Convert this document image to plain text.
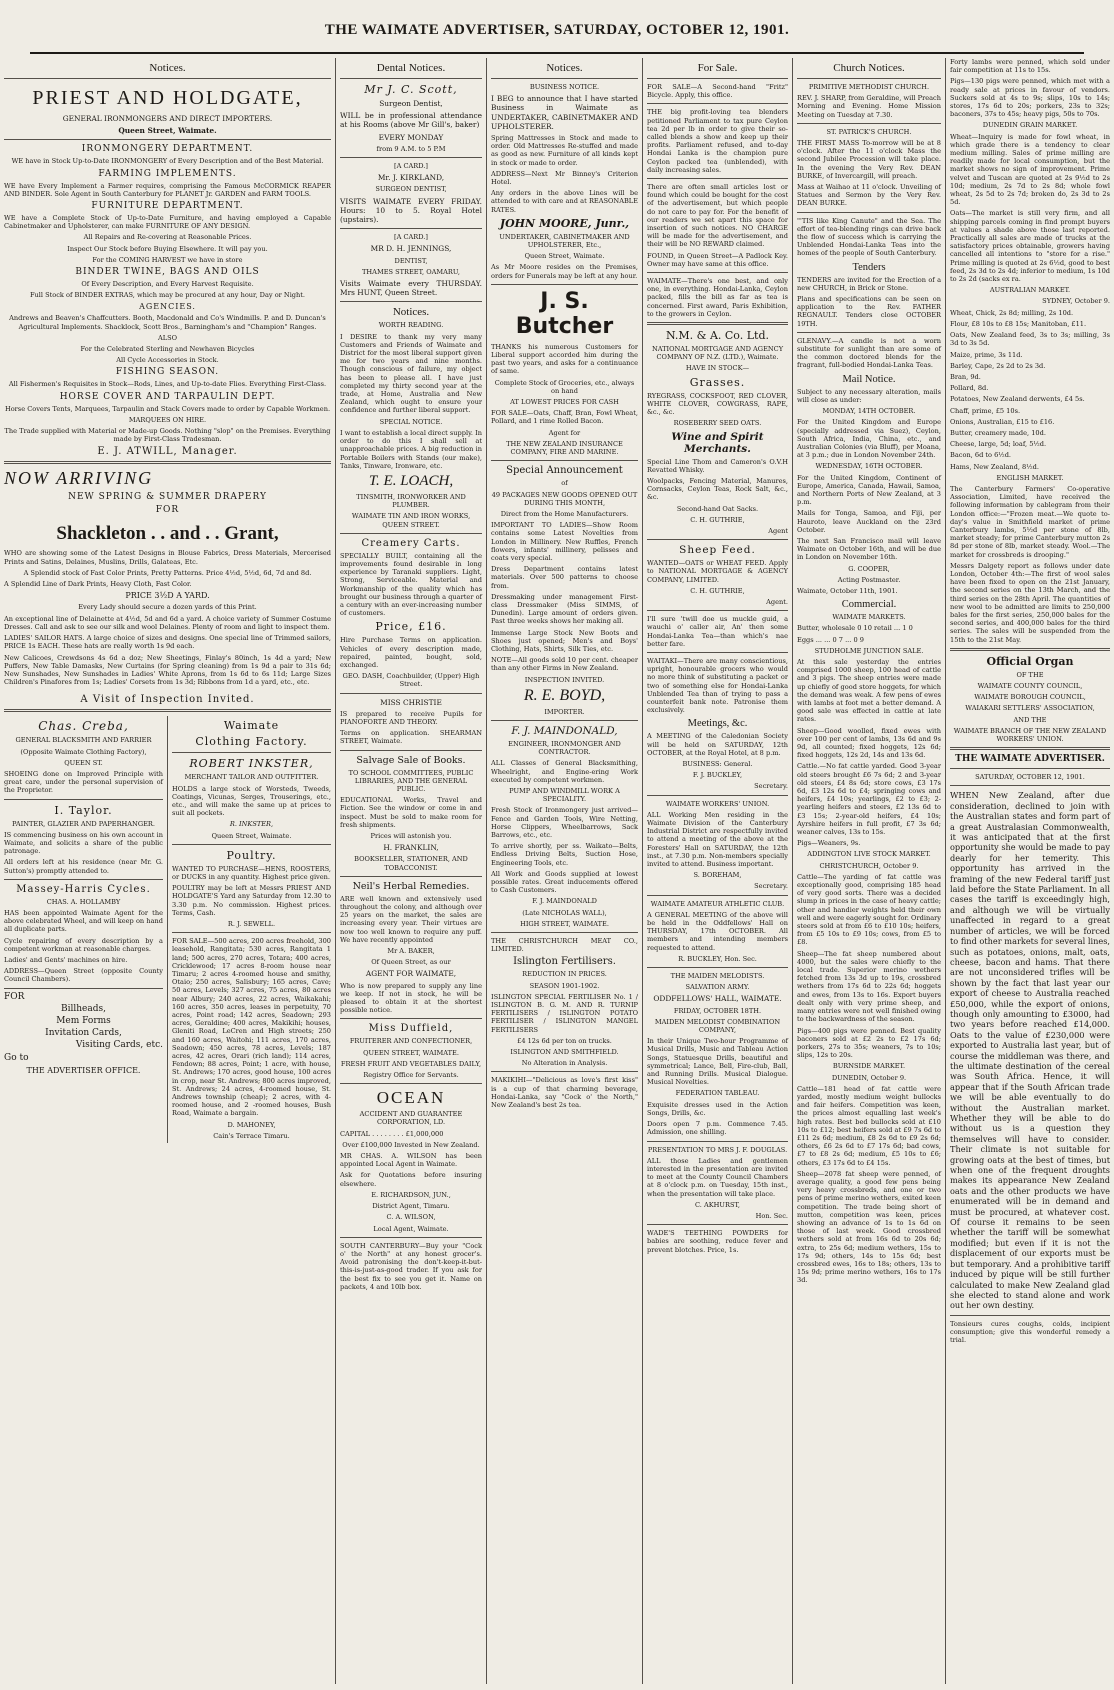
THE WAIMATE ADVERTISER, SATURDAY, OCTOBER 12, 1901.
Notices.
PRIEST AND HOLDGATE,

GENERAL IRONMONGERS AND DIRECT IMPORTERS.

Queen Street, Waimate.

IRONMONGERY DEPARTMENT.

WE have in Stock Up-to-Date IRONMONGERY of Every Description and of the Best Material.

FARMING IMPLEMENTS.

WE have Every Implement a Farmer requires, comprising the Famous McCORMICK REAPER AND BINDER. Sole Agent in South Canterbury for PLANET Jr. GARDEN and FARM TOOLS.

FURNITURE DEPARTMENT.

WE have a Complete Stock of Up-to-Date Furniture, and having employed a Capable Cabinetmaker and Upholsterer, can make FURNITURE OF ANY DESIGN.

All Repairs and Re-covering at Reasonable Prices.

Inspect Our Stock before Buying Elsewhere. It will pay you.

For the COMING HARVEST we have in store

BINDER TWINE, BAGS AND OILS

Of Every Description, and Every Harvest Requisite.

Full Stock of BINDER EXTRAS, which may be procured at any hour, Day or Night.

AGENCIES.

Andrews and Beaven's Chaffcutters. Booth, Macdonald and Co's Windmills. P. and D. Duncan's Agricultural Implements. Shacklock, Scott Bros., Barningham's and "Champion" Ranges.

ALSO

For the Celebrated Sterling and Newhaven Bicycles

All Cycle Accessories in Stock.

FISHING SEASON.

All Fishermen's Requisites in Stock—Rods, Lines, and Up-to-date Flies. Everything First-Class.

HORSE COVER AND TARPAULIN DEPT.

Horse Covers Tents, Marquees, Tarpaulin and Stack Covers made to order by Capable Workmen.

MARQUEES ON HIRE.

The Trade supplied with Material or Made-up Goods. Nothing "slop" on the Premises. Everything made by First-Class Tradesman.

E. J. ATWILL, Manager.
NOW ARRIVING
NEW SPRING & SUMMER DRAPERY
FOR
Shackleton . . and . . Grant,

WHO are showing some of the Latest Designs in Blouse Fabrics, Dress Materials, Mercerised Prints and Satins, Delaines, Muslins, Drills, Galateas, Etc.

A Splendid stock of Fast Color Prints, Pretty Patterns. Price 4½d, 5½d, 6d, 7d and 8d.

A Splendid Line of Dark Prints, Heavy Cloth, Fast Color.

PRICE 3½D A YARD.

Every Lady should secure a dozen yards of this Print.

An exceptional line of Delainette at 4½d, 5d and 6d a yard. A choice variety of Summer Costume Dresses. Call and ask to see our silk and wool Delaines. Plenty of room and light to inspect them.

LADIES' SAILOR HATS. A large choice of sizes and designs. One special line of Trimmed sailors, PRICE 1s EACH. These hats are really worth 1s 9d each.

New Calicoes, Crewdsons 4s 6d a doz; New Sheetings, Finlay's 80inch, 1s 4d a yard; New Puffers, New Table Damasks, New Curtains (for Spring cleaning) from 1s 9d a pair to 31s 6d; New Sunshades, New Sunshades in Ladies' White Aprons, from 1s 6d to 6s 11d; Large Sizes Children's Pinafores from 1s; Ladies' Corsets from 1s 3d; Ribbons from 1d a yard, etc., etc.

A Visit of Inspection Invited.
Chas. Creba,

GENERAL BLACKSMITH AND FARRIER

(Opposite Waimate Clothing Factory),

QUEEN ST.

SHOEING done on Improved Principle with great care, under the personal supervision of the Proprietor.

I. Taylor.

PAINTER, GLAZIER AND PAPERHANGER.

IS commencing business on his own account in Waimate, and solicits a share of the public patronage.

All orders left at his residence (near Mr. G. Sutton's) promptly attended to.

Massey-Harris Cycles.

CHAS. A. HOLLAMBY

HAS been appointed Waimate Agent for the above celebrated Wheel, and will keep on hand all duplicate parts.

Cycle repairing of every description by a competent workman at reasonable charges.

Ladies' and Gents' machines on hire.

ADDRESS—Queen Street (opposite County Council Chambers).

FOR

Billheads,

Mem Forms

Invitation Cards,

Visiting Cards, etc.

Go to

THE ADVERTISER OFFICE.

Waimate
Clothing Factory.
ROBERT INKSTER,

MERCHANT TAILOR AND OUTFITTER.

HOLDS a large stock of Worsteds, Tweeds, Coatings, Vicunas, Serges, Trouserings, etc., etc., and will make the same up at prices to suit all pockets.

R. INKSTER,

Queen Street, Waimate.

Poultry.

WANTED TO PURCHASE—HENS, ROOSTERS, or DUCKS in any quantity. Highest price given.

POULTRY may be left at Messrs PRIEST AND HOLDGATE'S Yard any Saturday from 12.30 to 3.30 p.m. No commission. Highest prices. Terms, Cash.

R. J. SEWELL.

FOR SALE—500 acres, 200 acres freehold, 300 leasehold, Rangitata; 530 acres, Rangitata 1 land; 500 acres, 270 acres, Totara; 400 acres, Cricklewood; 17 acres 8-room house near Timaru; 2 acres 4-roomed house and smithy, Otaio; 250 acres, Salisbury; 165 acres, Cave; 50 acres, Levels; 327 acres, 75 acres, 80 acres near Albury; 240 acres, 22 acres, Waikakahi; 160 acres, 350 acres, leases in perpetuity, 70 acres, Point road; 142 acres, Seadown; 293 acres, Geraldine; 400 acres, Makikihi; houses, Gleniti Road, LeCren and High streets; 250 and 160 acres, Waitohi; 111 acres, 170 acres, Seadown; 450 acres, 78 acres, Levels; 187 acres, 42 acres, Orari (rich land); 114 acres, Fendown; 88 acres, Point; 1 acre, with house, St. Andrews; 170 acres, good house, 100 acres in crop, near St. Andrews; 800 acres improved, St. Andrews; 24 acres, 4-roomed house, St. Andrews township (cheap); 2 acres, with 4-roomed house, and 2 -roomed houses, Bush Road, Waimate a bargain.

D. MAHONEY,

Cain's Terrace Timaru.

Dental Notices.
Mr J. C. Scott,

Surgeon Dentist,

WILL be in professional attendance at his Rooms (above Mr Gill's, baker)

EVERY MONDAY

from 9 A.M. to 5 P.M

[A CARD.]

Mr. J. KIRKLAND,

SURGEON DENTIST,

VISITS WAIMATE EVERY FRIDAY. Hours: 10 to 5. Royal Hotel (upstairs).

[A CARD.]

MR D. H. JENNINGS,

DENTIST,

THAMES STREET, OAMARU,

Visits Waimate every THURSDAY. Mrs HUNT, Queen Street.

Notices.

WORTH READING.

I DESIRE to thank my very many Customers and Friends of Waimate and District for the most liberal support given me for two years and nine months. Though conscious of failure, my object has been to please all. I have just completed my thirty second year at the trade, at Home, Australia and New Zealand, which ought to ensure your confidence and further liberal support.

SPECIAL NOTICE.

I want to establish a local direct supply. In order to do this I shall sell at unapproachable prices. A big reduction in Portable Boilers with Stands (our make), Tanks, Tinware, Ironware, etc.

T. E. LOACH,

TINSMITH, IRONWORKER AND PLUMBER.

WAIMATE TIN AND IRON WORKS, QUEEN STREET.

Creamery Carts.

SPECIALLY BUILT, containing all the improvements found desirable in long experience by Taranaki suppliers. Light, Strong, Serviceable. Material and Workmanship of the quality which has brought our business through a quarter of a century with an ever-increasing number of customers.

Price, £16.

Hire Purchase Terms on application. Vehicles of every description made, repaired, painted, bought, sold, exchanged.

GEO. DASH, Coachbuilder, (Upper) High Street.

MISS CHRISTIE

IS prepared to receive Pupils for PIANOFORTE AND THEORY.

Terms on application. SHEARMAN STREET, Waimate.

Salvage Sale of Books.

TO SCHOOL COMMITTEES, PUBLIC LIBRARIES, AND THE GENERAL PUBLIC.

EDUCATIONAL Works, Travel and Fiction. See the window or come in and inspect. Must be sold to make room for fresh shipments.

Prices will astonish you.

H. FRANKLIN,

BOOKSELLER, STATIONER, AND TOBACCONIST.

Neil's Herbal Remedies.

ARE well known and extensively used throughout the colony, and although over 25 years on the market, the sales are increasing every year. Their virtues are now too well known to require any puff. We have recently appointed

Mr A. BAKER,

Of Queen Street, as our

AGENT FOR WAIMATE,

Who is now prepared to supply any line we keep. If not in stock, he will be pleased to obtain it at the shortest possible notice.

Miss Duffield,

FRUITERER AND CONFECTIONER,

QUEEN STREET, WAIMATE.

FRESH FRUIT AND VEGETABLES DAILY,

Registry Office for Servants.

OCEAN

ACCIDENT AND GUARANTEE CORPORATION, LD.

CAPITAL . . . . . . . . £1,000,000

Over £100,000 Invested in New Zealand.

MR CHAS. A. WILSON has been appointed Local Agent in Waimate.

Ask for Quotations before insuring elsewhere.

E. RICHARDSON, JUN.,

District Agent, Timaru.

C. A. WILSON,

Local Agent, Waimate.

SOUTH CANTERBURY—Buy your "Cock o' the North" at any honest grocer's. Avoid patronising the don't-keep-it-but-this-is-just-as-good trader. If you ask for the best fix to see you get it. Name on packets, 4 and 10lb box.

Notices.

BUSINESS NOTICE.

I BEG to announce that I have started Business in Waimate as UNDERTAKER, CABINETMAKER AND UPHOLSTERER.

Spring Mattresses in Stock and made to order. Old Mattresses Re-stuffed and made as good as new. Furniture of all kinds kept in stock or made to order.

ADDRESS—Next Mr Binney's Criterion Hotel.

Any orders in the above Lines will be attended to with care and at REASONABLE RATES.

JOHN MOORE, Junr.,

UNDERTAKER, CABINETMAKER AND UPHOLSTERER, Etc.,

Queen Street, Waimate.

As Mr Moore resides on the Premises, orders for Funerals may be left at any hour.

J. S. Butcher

THANKS his numerous Customers for Liberal support accorded him during the past two years, and asks for a continuance of same.

Complete Stock of Groceries, etc., always on hand

AT LOWEST PRICES FOR CASH

FOR SALE—Oats, Chaff, Bran, Fowl Wheat, Pollard, and 1 rime Rolled Bacon.

Agent for

THE NEW ZEALAND INSURANCE COMPANY, FIRE AND MARINE.

Special Announcement

of

49 PACKAGES NEW GOODS OPENED OUT DURING THIS MONTH,

Direct from the Home Manufacturers.

IMPORTANT TO LADIES—Show Room contains some Latest Novelties from London in Millinery. New Ruffles, French flowers, infants' millinery, pelisses and coats very special.

Dress Department contains latest materials. Over 500 patterns to choose from.

Dressmaking under management First-class Dressmaker (Miss SIMMS, of Dunedin). Large amount of orders given. Past three weeks shows her making all.

Immense Large Stock New Boots and Shoes just opened; Men's and Boys' Clothing, Hats, Shirts, Silk Ties, etc.

NOTE—All goods sold 10 per cent. cheaper than any other Firms in New Zealand.

INSPECTION INVITED.

R. E. BOYD,

IMPORTER.

F. J. MAINDONALD,

ENGINEER, IRONMONGER AND CONTRACTOR.

ALL Classes of General Blacksmithing, Wheelright, and Engine-ering Work executed by competent workmen.

PUMP AND WINDMILL WORK A SPECIALITY.

Fresh Stock of Ironmongery just arrived—Fence and Garden Tools, Wire Netting, Horse Clippers, Wheelbarrows, Sack Barrows, etc., etc.

To arrive shortly, per ss. Waikato—Belts, Endless Driving Belts, Suction Hose, Engineering Tools, etc.

All Work and Goods supplied at lowest possible rates. Great inducements offered to Cash Customers.

F. J. MAINDONALD

(Late NICHOLAS WALL),

HIGH STREET, WAIMATE.

THE CHRISTCHURCH MEAT CO., LIMITED.

Islington Fertilisers.

REDUCTION IN PRICES.

SEASON 1901-1902.

ISLINGTON SPECIAL FERTILISER No. 1 / ISLINGTON B. G. M. AND R. TURNIP FERTILISERS / ISLINGTON POTATO FERTILISER / ISLINGTON MANGEL FERTILISERS

£4 12s 6d per ton on trucks.

ISLINGTON AND SMITHFIELD.

No Alteration in Analysis.

MAKIKIHI—"Delicious as love's first kiss" is a cup of that charming beverage, Hondai-Lanka, say "Cock o' the North," New Zealand's best 2s tea.

For Sale.

FOR SALE—A Second-hand "Fritz" Bicycle. Apply, this office.

THE big profit-loving tea blenders petitioned Parliament to tax pure Ceylon tea 2d per lb in order to give their so-called blends a show and keep up their profits. Parliament refused, and to-day Hondai Lanka is the champion pure Ceylon packed tea (unblended), with daily increasing sales.

There are often small articles lost or found which could be bought for the cost of the advertisement, but which people do not care to pay for. For the benefit of our readers we set apart this space for insertion of such notices. NO CHARGE will be made for the advertisement, and their will be NO REWARD claimed.

FOUND, in Queen Street—A Padlock Key. Owner may have same at this office.

WAIMATE—There's one best, and only one, in everything. Hondai-Lanka, Ceylon packed, fills the bill as far as tea is concerned. First award, Paris Exhibition, to the growers in Ceylon.

N.M. & A. Co. Ltd.

NATIONAL MORTGAGE AND AGENCY COMPANY OF N.Z. (LTD.), Waimate.

HAVE IN STOCK—

Grasses.

RYEGRASS, COCKSFOOT, RED CLOVER, WHITE CLOVER, COWGRASS, RAPE, &c., &c.

ROSEBERRY SEED OATS.

Wine and Spirit Merchants.

Special Line Thom and Cameron's O.V.H Revatted Whisky.

Woolpacks, Fencing Material, Manures, Cornsacks, Ceylon Teas, Rock Salt, &c., &c.

Second-hand Oat Sacks.

C. H. GUTHRIE,

Agent

Sheep Feed.

WANTED—OATS or WHEAT FEED. Apply to NATIONAL MORTGAGE & AGENCY COMPANY, LIMITED.

C. H. GUTHRIE,

Agent.

I'll sure 'twill doe us muckle guid, a wauchi o' caller air, An' then some Hondai-Lanka Tea—than which's nae better fare.

WAITAKI—There are many conscientious, upright, honourable grocers who would no more think of substituting a packet or two of something else for Hondai-Lanka Unblended Tea than of trying to pass a counterfeit bank note. Patronise them exclusively.

Meetings, &c.

A MEETING of the Caledonian Society will be held on SATURDAY, 12th OCTOBER, at the Royal Hotel, at 8 p.m.

BUSINESS: General.

F. J. BUCKLEY,

Secretary.

WAIMATE WORKERS' UNION.

ALL Working Men residing in the Waimate Division of the Canterbury Industrial District are respectfully invited to attend a meeting of the above at the Foresters' Hall on SATURDAY, the 12th inst., at 7.30 p.m. Non-members specially invited to attend. Business important.

S. BOREHAM,

Secretary.

WAIMATE AMATEUR ATHLETIC CLUB.

A GENERAL MEETING of the above will be held in the Oddfellows' Hall on THURSDAY, 17th OCTOBER. All members and intending members requested to attend.

R. BUCKLEY, Hon. Sec.

THE MAIDEN MELODISTS.

SALVATION ARMY.

ODDFELLOWS' HALL, WAIMATE.

FRIDAY, OCTOBER 18TH.

MAIDEN MELODIST COMBINATION COMPANY,

In their Unique Two-hour Programme of Musical Drills, Music and Tableau Action Songs, Statuesque Drills, beautiful and symmetrical; Lance, Bell, Fire-club, Ball, and Running Drills. Musical Dialogue. Musical Novelties.

FEDERATION TABLEAU.

Exquisite dresses used in the Action Songs, Drills, &c.

Doors open 7 p.m. Commence 7.45. Admission, one shilling.

PRESENTATION TO MRS J. F. DOUGLAS.

ALL those Ladies and gentlemen interested in the presentation are invited to meet at the County Council Chambers at 8 o'clock p.m. on Tuesday, 15th inst., when the presentation will take place.

C. AKHURST,

Hon. Sec.

WADE'S TEETHING POWDERS for babies are soothing, reduce fever and prevent blotches. Price, 1s.

Church Notices.

PRIMITIVE METHODIST CHURCH.

REV. J. SHARP, from Geraldine, will Preach Morning and Evening. Home Mission Meeting on Tuesday at 7.30.

ST. PATRICK'S CHURCH.

THE FIRST MASS To-morrow will be at 8 o'clock. After the 11 o'clock Mass the second Jubilee Procession will take place. In the evening the Very Rev. DEAN BURKE, of Invercargill, will preach.

Mass at Waihao at 11 o'clock. Unveiling of Statues and Sermon by the Very Rev. DEAN BURKE.

"'TIS like King Canute" and the Sea. The effort of tea-blending rings can drive back the flow of success which is carrying the Unblended Hondai-Lanka Teas into the homes of the people of South Canterbury.

Tenders

TENDERS are invited for the Erection of a new CHURCH, in Brick or Stone.

Plans and specifications can be seen on application to the Rev. FATHER REGNAULT. Tenders close OCTOBER 19TH.

GLENAVY.—A candle is not a worn substitute for sunlight than are some of the common doctored blends for the fragrant, full-bodied Hondai-Lanka Teas.

Mail Notice.

Subject to any necessary alteration, mails will close as under:

MONDAY, 14TH OCTOBER.

For the United Kingdom and Europe (specially addressed via Suez), Ceylon, South Africa, India, China, etc., and Australian Colonies (via Bluff), per Moana, at 3 p.m.; due in London November 24th.

WEDNESDAY, 16TH OCTOBER.

For the United Kingdom, Continent of Europe, America, Canada, Hawaii, Samoa, and Northern Ports of New Zealand, at 3 p.m.

Mails for Tonga, Samoa, and Fiji, per Hauroto, leave Auckland on the 23rd October.

The next San Francisco mail will leave Waimate on October 16th, and will be due in London on November 16th.

G. COOPER,

Acting Postmaster.

Waimate, October 11th, 1901.

Commercial.

WAIMATE MARKETS.

Butter, wholesale 0 10 retail ... 1 0

Eggs ... ... 0 7 ... 0 9

STUDHOLME JUNCTION SALE.

At this sale yesterday the entries comprised 1000 sheep, 100 head of cattle and 3 pigs. The sheep entries were made up chiefly of good store hoggets, for which the demand was weak. A few pens of ewes with lambs at foot met a better demand. A good sale was effected in cattle at late rates.

Sheep—Good woolled, fixed ewes with over 100 per cent of lambs, 13s 6d and 9s 9d, all counted; fixed hoggets, 12s 6d; fixed hoggets, 12s 2d, 14s and 13s 6d.

Cattle.—No fat cattle yarded. Good 3-year old steers brought £6 7s 6d; 2 and 3-year old steers, £4 8s 6d; store cows, £3 17s 6d, £3 12s 6d to £4; springing cows and heifers, £4 10s; yearlings, £2 to £3; 2-yearling heifers and steers, £2 13s 6d to £3 15s; 2-year-old heifers, £4 10s; Ayrshire heifers in full profit, £7 3s 6d; weaner calves, 13s to 15s.

Pigs—Weaners, 9s.

ADDINGTON LIVE STOCK MARKET.

CHRISTCHURCH, October 9.

Cattle—The yarding of fat cattle was exceptionally good, comprising 185 head of very good sorts. There was a decided slump in prices in the case of heavy cattle; other and handier weights held their own well and were eagerly sought for. Ordinary steers sold at from £6 to £10 10s; heifers, from £5 10s to £9 10s; cows, from £5 to £8.

Sheep—The fat sheep numbered about 4000, but the sales were chiefly to the local trade. Superior merino wethers fetched from 13s 3d up to 19s, crossbred wethers from 17s 6d to 22s 6d; hoggets and ewes, from 13s to 16s. Export buyers dealt only with very prime sheep, and many entries were not well finished owing to the backwardness of the season.

Pigs—400 pigs were penned. Best quality baconers sold at £2 2s to £2 17s 6d; porkers, 27s to 35s; weaners, 7s to 10s; slips, 12s to 20s.

BURNSIDE MARKET.

DUNEDIN, October 9.

Cattle—181 head of fat cattle were yarded, mostly medium weight bullocks and fair heifers. Competition was keen, the prices almost equalling last week's high rates. Best bed bullocks sold at £10 10s to £12; best heifers sold at £9 7s 6d to £11 2s 6d; medium, £8 2s 6d to £9 2s 6d; others, £6 2s 6d to £7 17s 6d; bad cows, £7 to £8 2s 6d; medium, £5 10s to £6; others, £3 17s 6d to £4 15s.

Sheep—2078 fat sheep were penned, of average quality, a good few pens being very heavy crossbreds, and one or two pens of prime merino wethers, exited keen competition. The trade being short of mutton, competition was keen, prices showing an advance of 1s to 1s 6d on those of last week. Good crossbred wethers sold at from 16s 6d to 20s 6d; extra, to 25s 6d; medium wethers, 15s to 17s 9d; others, 14s to 15s 6d; best crossbred ewes, 16s to 18s; others, 13s to 15s 9d; prime merino wethers, 16s to 17s 3d.

Forty lambs were penned, which sold under fair competition at 11s to 15s.

Pigs—130 pigs were penned, which met with a ready sale at prices in favour of vendors. Suckers sold at 4s to 9s; slips, 10s to 14s; stores, 17s 6d to 20s; porkers, 23s to 32s; baconers, 37s to 45s; heavy pigs, 50s to 70s.

DUNEDIN GRAIN MARKET.

Wheat—Inquiry is made for fowl wheat, in which grade there is a tendency to clear medium milling. Sales of prime milling are readily made for local consumption, but the market shows no sign of improvement. Prime velvet and Tuscan are quoted at 2s 9½d to 2s 10d; medium, 2s 7d to 2s 8d; whole fowl wheat, 2s 5d to 2s 7d; broken do, 2s 3d to 2s 5d.

Oats—The market is still very firm, and all shipping parcels coming in find prompt buyers at values a shade above those last reported. Practically all sales are made of trucks at the satisfactory prices obtainable, growers having cancelled all intentions to "store for a rise." Prime milling is quoted at 2s 6½d, good to best feed, 2s 3d to 2s 4d; inferior to medium, 1s 10d to 2s 2d (sacks ex ra.

AUSTRALIAN MARKET.

SYDNEY, October 9.

Wheat, Chick, 2s 8d; milling, 2s 10d.

Flour, £8 10s to £8 15s; Manitoban, £11.

Oats, New Zealand feed, 3s to 3s; milling, 3s 3d to 3s 5d.

Maize, prime, 3s 11d.

Barley, Cape, 2s 2d to 2s 3d.

Bran, 9d.

Pollard, 8d.

Potatoes, New Zealand derwents, £4 5s.

Chaff, prime, £5 10s.

Onions, Australian, £15 to £16.

Butter, creamery made, 10d.

Cheese, large, 5d; loaf, 5½d.

Bacon, 6d to 6½d.

Hams, New Zealand, 8½d.

ENGLISH MARKET.

The Canterbury Farmers' Co-operative Association, Limited, have received the following information by cablegram from their London office:—"Frozen meat.—We quote to-day's value in Smithfield market of prime Canterbury lambs, 5½d per stone of 8lb, market steady; for prime Canterbury mutton 2s 8d per stone of 8lb, market steady. Wool.—The market for crossbreds is drooping."

Messrs Dalgety report as follows under date London, October 4th:—The first of wool sales have been fixed to open on the 21st January, the second series on the 13th March, and the third series on the 28th April. The quantities of new wool to be admitted are limits to 250,000 bales for the first series, 250,000 bales for the second series, and 400,000 bales for the third series. The sales will be suspended from the 15th to the 21st May.

Official Organ

OF THE

WAIMATE COUNTY COUNCIL,

WAIMATE BOROUGH COUNCIL,

WAIAKARI SETTLERS' ASSOCIATION,

AND THE

WAIMATE BRANCH OF THE NEW ZEALAND WORKERS' UNION.

THE WAIMATE ADVERTISER.

SATURDAY, OCTOBER 12, 1901.

WHEN New Zealand, after due consideration, declined to join with the Australian states and form part of a great Australasian Commonwealth, it was anticipated that at the first opportunity she would be made to pay dearly for her temerity. This opportunity has arrived in the framing of the new Federal tariff just laid before the State Parliament. In all cases the tariff is exceedingly high, and although we will be virtually unaffected in regard to a great number of articles, we will be forced to find other markets for several lines, such as potatoes, onions, malt, oats, cheese, bacon and hams. That there are not unconsidered trifles will be shown by the fact that last year our export of cheese to Australia reached £50,000, while the export of onions, though only amounting to £3000, had two years before reached £14,000. Oats to the value of £230,000 were exported to Australia last year, but of course the middleman was there, and the ultimate destination of the cereal was South Africa. Hence, it will appear that if the South African trade we will be able eventually to do without the Australian market. Whether they will be able to do without us is a question they themselves will have to consider. Their climate is not suitable for growing oats at the best of times, but when one of the frequent droughts makes its appearance New Zealand oats and the other products we have enumerated will be in demand and must be procured, at whatever cost. Of course it remains to be seen whether the tariff will be somewhat modified; but even if it is not the displacement of our exports must be but temporary. And a prohibitive tariff induced by pique will be still further calculated to make New Zealand glad she elected to stand alone and work out her own destiny.

Tonsieurs cures coughs, colds, incipient consumption; give this wonderful remedy a trial.
